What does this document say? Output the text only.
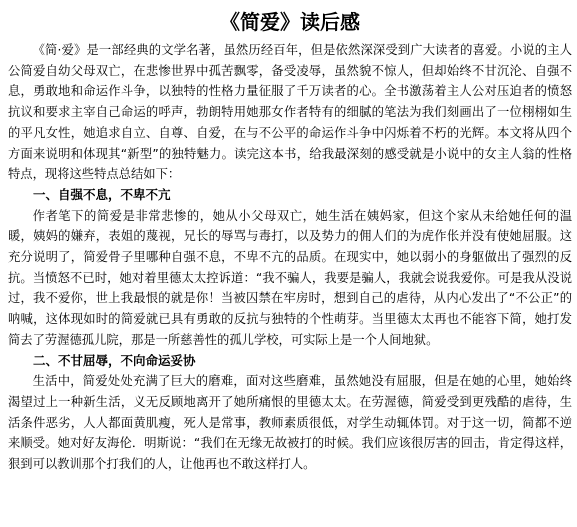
《简爱》读后感

《简·爱》是一部经典的文学名著，虽然历经百年，但是依然深深受到广大读者的喜爱。小说的主人公简爱自幼父母双亡，在悲惨世界中孤苦飘零，备受凌辱，虽然貌不惊人，但却始终不甘沉沦、自强不息，勇敢地和命运作斗争，以独特的性格力量征服了千万读者的心。全书激荡着主人公对压迫者的愤怒抗议和要求主宰自己命运的呼声，勃朗特用她那女作者特有的细腻的笔法为我们刻画出了一位栩栩如生的平凡女性，她追求自立、自尊、自爱，在与不公平的命运作斗争中闪烁着不朽的光辉。本文将从四个方面来说明和体现其“新型”的独特魅力。读完这本书，给我最深刻的感受就是小说中的女主人翁的性格特点，现将这些特点总结如下：

一、自强不息，不卑不亢

作者笔下的简爱是非常悲惨的，她从小父母双亡，她生活在姨妈家，但这个家从未给她任何的温暖，姨妈的嫌弃，表姐的蔑视，兄长的辱骂与毒打，以及势力的佣人们的为虎作伥并没有使她屈服。这充分说明了，简爱骨子里哪种自强不息，不卑不亢的品质。在现实中，她以弱小的身躯做出了强烈的反抗。当愤怒不已时，她对着里德太太控诉道：“我不骗人，我要是骗人，我就会说我爱你。可是我从没说过，我不爱你，世上我最恨的就是你！当被囚禁在牢房时，想到自己的虐待，从内心发出了“不公正”的呐喊，这体现如时的简爱就已具有勇敢的反抗与独特的个性萌芽。当里德太太再也不能容下简，她打发简去了劳渥德孤儿院，那是一所慈善性的孤儿学校，可实际上是一个人间地狱。

二、不甘屈辱，不向命运妥协

生活中，简爱处处充满了巨大的磨难，面对这些磨难，虽然她没有屈服，但是在她的心里，她始终渴望过上一种新生活，义无反顾地离开了她所痛恨的里德太太。在劳渥德，简爱受到更残酷的虐待，生活条件恶劣，人人都面黄肌瘦，死人是常事，教师素质很低，对学生动辄体罚。对于这一切，简都不逆来顺受。她对好友海伦．明斯说：“我们在无缘无故被打的时候。我们应该很厉害的回击，肯定得这样，狠到可以教训那个打我们的人，让他再也不敢这样打人。
